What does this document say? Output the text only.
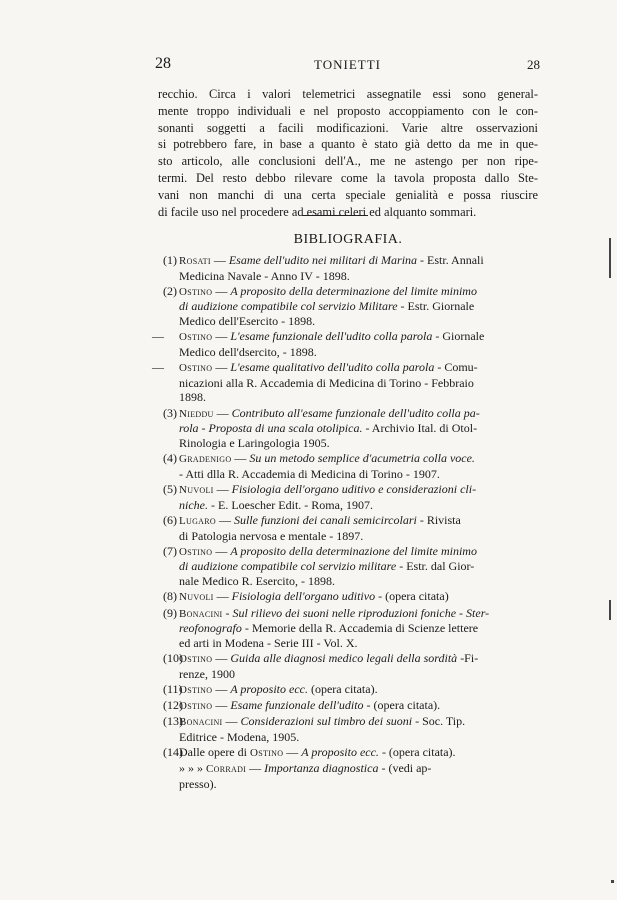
28	TONIETTI	28
recchio. Circa i valori telemetrici assegnatile essi sono general-
mente troppo individuali e nel proposto accoppiamento con le con-
sonanti soggetti a facili modificazioni. Varie altre osservazioni
si potrebbero fare, in base a quanto è stato già detto da me in que-
sto articolo, alle conclusioni dell'A., me ne astengo per non ripe-
termi. Del resto debbo rilevare come la tavola proposta dallo Ste-
vani non manchi di una certa speciale genialità e possa riuscire
di facile uso nel procedere ad esami celeri ed alquanto sommari.
BIBLIOGRAFIA.
(1) Rosati — Esame dell'udito nei militari di Marina - Estr. Annali
Medicina Navale - Anno IV - 1898.
(2) Ostino — A proposito della determinazione del limite minimo
di audizione compatibile col servizio Militare - Estr. Giornale
Medico dell'Esercito - 1898.
— Ostino — L'esame funzionale dell'udito colla parola - Giornale
Medico dell'dsercito, - 1898.
— Ostino — L'esame qualitativo dell'udito colla parola - Comu-
nicazioni alla R. Accademia di Medicina di Torino - Febbraio
1898.
(3) Nieddu — Contributo all'esame funzionale dell'udito colla pa-
rola - Proposta di una scala otolipica. - Archivio Ital. di Otol-
Rinologia e Laringologia 1905.
(4) Gradenigo — Su un metodo semplice d'acumetria colla voce.
- Atti dlla R. Accademia di Medicina di Torino - 1907.
(5) Nuvoli — Fisiologia dell'organo uditivo e considerazioni cli-
niche. - E. Loescher Edit. - Roma, 1907.
(6) Lugaro — Sulle funzioni dei canali semicircolari - Rivista
di Patologia nervosa e mentale - 1897.
(7) Ostino — A proposito della determinazione del limite minimo
di audizione compatibile col servizio militare - Estr. dal Gior-
nale Medico R. Esercito, - 1898.
(8) Nuvoli — Fisiologia dell'organo uditivo - (opera citata)
(9) Bonacini - Sul rilievo dei suoni nelle riproduzioni foniche - Ster-
reofonografo - Memorie della R. Accademia di Scienze lettere
ed arti in Modena - Serie III - Vol. X.
(10)
Ostino — Guida alle diagnosi medico legali della sordità -Fi-
renze, 1900
(11)
Ostino — A proposito ecc. (opera citata).
(12)
Ostino — Esame funzionale dell'udito - (opera citata).
(13)
Bonacini — Considerazioni sul timbro dei suoni - Soc. Tip.
Editrice - Modena, 1905.
(14)
Dalle opere di Ostino — A proposito ecc. - (opera citata).
» » » Corradi — Importanza diagnostica - (vedi ap-
presso).
